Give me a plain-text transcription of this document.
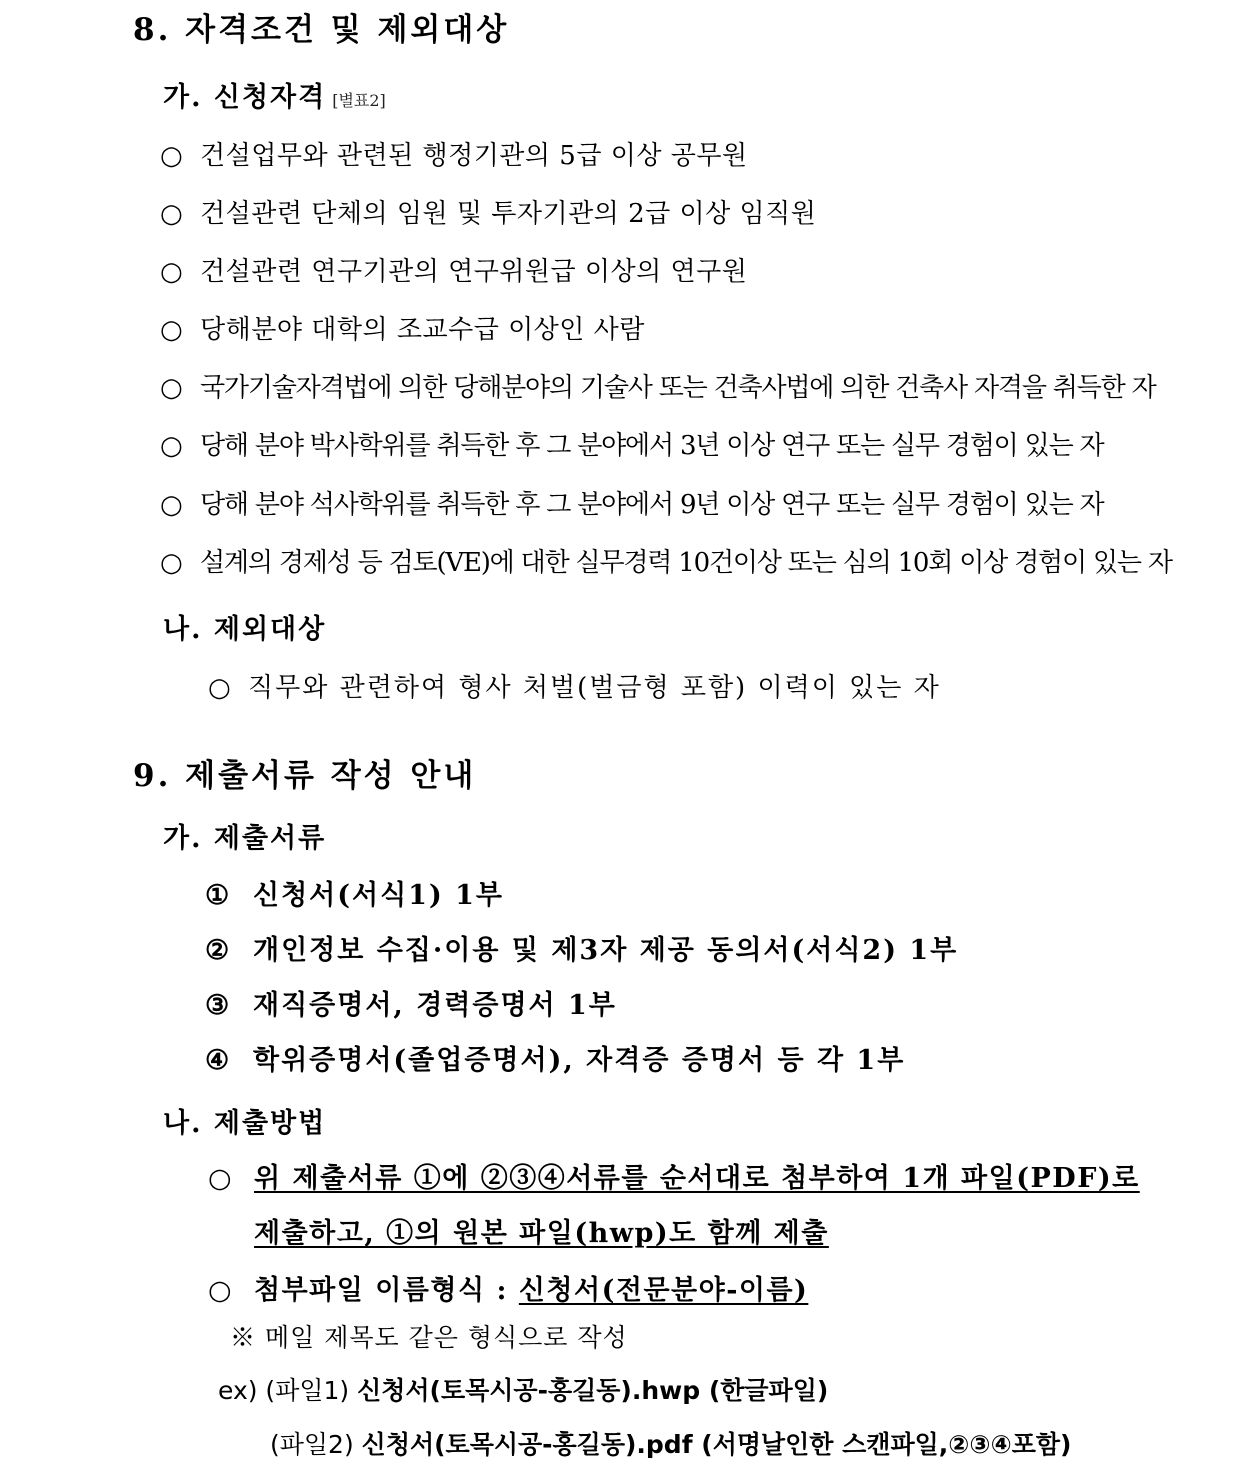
8. 자격조건 및 제외대상
가. 신청자격 [별표2]
○ 건설업무와 관련된 행정기관의 5급 이상 공무원
○ 건설관련 단체의 임원 및 투자기관의 2급 이상 임직원
○ 건설관련 연구기관의 연구위원급 이상의 연구원
○ 당해분야 대학의 조교수급 이상인 사람
○ 국가기술자격법에 의한 당해분야의 기술사 또는 건축사법에 의한 건축사 자격을 취득한 자
○ 당해 분야 박사학위를 취득한 후 그 분야에서 3년 이상 연구 또는 실무 경험이 있는 자
○ 당해 분야 석사학위를 취득한 후 그 분야에서 9년 이상 연구 또는 실무 경험이 있는 자
○ 설계의 경제성 등 검토(VE)에 대한 실무경력 10건이상 또는 심의 10회 이상 경험이 있는 자
나. 제외대상
○ 직무와 관련하여 형사 처벌(벌금형 포함) 이력이 있는 자
9. 제출서류 작성 안내
가. 제출서류
① 신청서(서식1) 1부
② 개인정보 수집·이용 및 제3자 제공 동의서(서식2) 1부
③ 재직증명서, 경력증명서 1부
④ 학위증명서(졸업증명서), 자격증 증명서 등 각 1부
나. 제출방법
○ 위 제출서류 ①에 ②③④서류를 순서대로 첨부하여 1개 파일(PDF)로
제출하고, ①의 원본 파일(hwp)도 함께 제출
○ 첨부파일 이름형식 : 신청서(전문분야-이름)
※ 메일 제목도 같은 형식으로 작성
ex) (파일1) 신청서(토목시공-홍길동).hwp (한글파일)
(파일2) 신청서(토목시공-홍길동).pdf (서명날인한 스캔파일,②③④포함)
